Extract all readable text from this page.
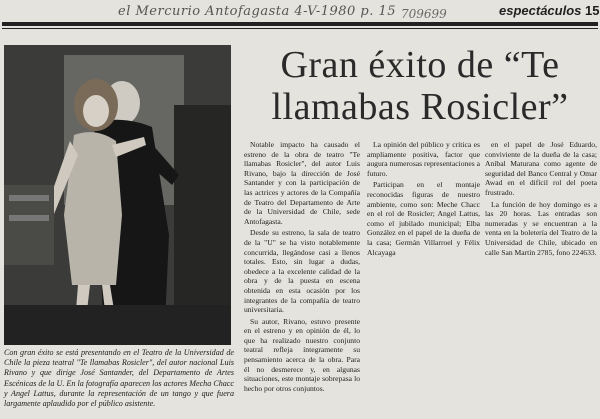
el Mercurio Antofagasta 4-V-1980 p. 15 709699	espectáculos 15
Con gran éxito se está presentando en el Teatro de la Universidad de Chile la pieza teatral "Te llamabas Rosicler", del autor nacional Luis Rivano y que dirige José Santander, del Departamento de Artes Escénicas de la U. En la fotografía aparecen los actores Mecha Chacc y Angel Lattus, durante la representación de un tango y que fuera largamente aplaudido por el público asistente.
Gran éxito de “Te llamabas Rosicler”

Notable impacto ha causado el estreno de la obra de teatro "Te llamabas Rosicler", del autor Luis Rivano, bajo la dirección de José Santander y con la participación de las actrices y actores de la Compañía de Teatro del Departamento de Arte de la Universidad de Chile, sede Antofagasta.

Desde su estreno, la sala de teatro de la "U" se ha visto notablemente concurrida, llegándose casi a llenos totales. Esto, sin lugar a dudas, obedece a la excelente calidad de la obra y de la puesta en escena obtenida en esta ocasión por los integrantes de la compañía de teatro universitaria.

Su autor, Rivano, estuvo presente en el estreno y en opinión de él, lo que ha realizado nuestro conjunto teatral refleja íntegramente su pensamiento acerca de la obra. Para él no desmerece y, en algunas situaciones, este montaje sobrepasa lo hecho por otros conjuntos.

La opinión del público y crítica es ampliamente positiva, factor que augura numerosas representaciones a futuro.

Participan en el montaje reconocidas figuras de nuestro ambiente, como son: Meche Chacc en el rol de Rosicler; Angel Lattus, como el jubilado municipal; Elba González en el papel de la dueña de la casa; Germán Villarroel y Félix Alcayaga

en el papel de José Eduardo, conviviente de la dueña de la casa; Aníbal Maturana como agente de seguridad del Banco Central y Omar Awad en el difícil rol del poeta frustrado.

La función de hoy domingo es a las 20 horas. Las entradas son numeradas y se encuentran a la venta en la boletería del Teatro de la Universidad de Chile, ubicado en calle San Martín 2785, fono 224633.
